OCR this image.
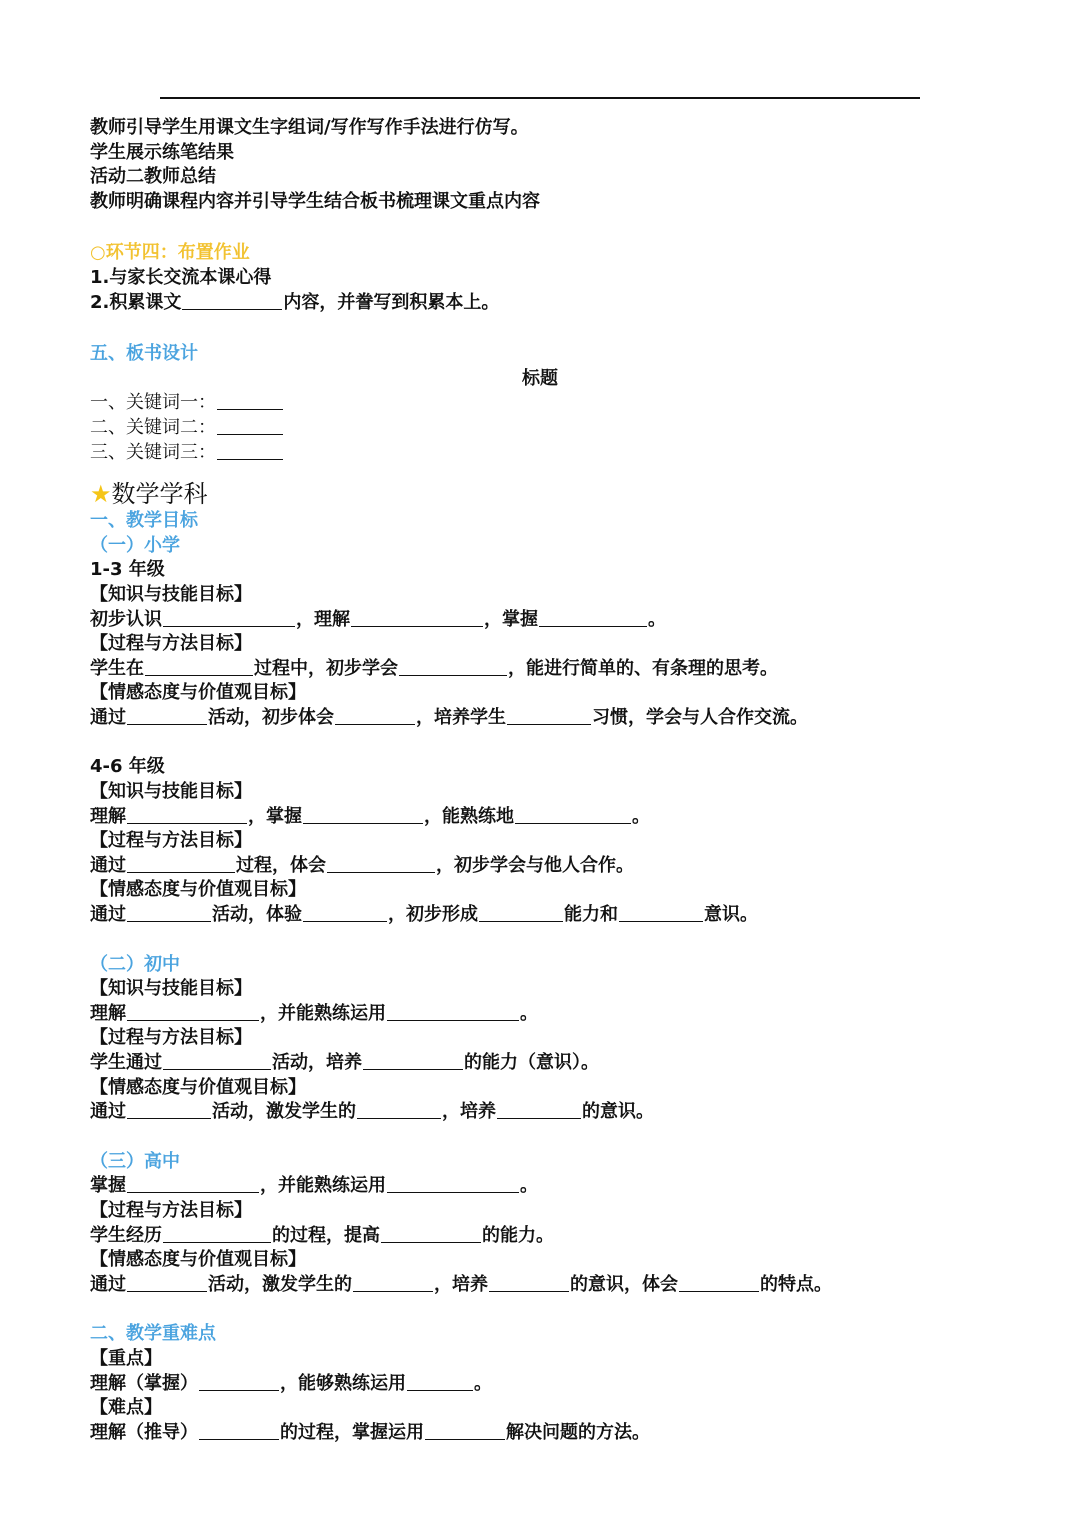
教师引导学生用课文生字组词/写作写作手法进行仿写。
学生展示练笔结果
活动二教师总结
教师明确课程内容并引导学生结合板书梳理课文重点内容
○环节四：布置作业
1.与家长交流本课心得
2.积累课文	内容，并誊写到积累本上。
五、板书设计
标题
一、关键词一：
二、关键词二：
三、关键词三：
★数学学科
一、教学目标
（一）小学
1-3 年级
【知识与技能目标】
初步认识	，理解	，掌握	。
【过程与方法目标】
学生在	过程中，初步学会	，能进行简单的、有条理的思考。
【情感态度与价值观目标】
通过	活动，初步体会	，培养学生	习惯，学会与人合作交流。
4-6 年级
【知识与技能目标】
理解	，掌握	，能熟练地	。
【过程与方法目标】
通过	过程，体会	，初步学会与他人合作。
【情感态度与价值观目标】
通过	活动，体验	，初步形成	能力和	意识。
（二）初中
【知识与技能目标】
理解	，并能熟练运用	。
【过程与方法目标】
学生通过	活动，培养	的能力（意识）。
【情感态度与价值观目标】
通过	活动，激发学生的	，培养	的意识。
（三）高中
掌握	，并能熟练运用	。
【过程与方法目标】
学生经历	的过程，提高	的能力。
【情感态度与价值观目标】
通过	活动，激发学生的	，培养	的意识，体会	的特点。
二、教学重难点
【重点】
理解（掌握）	，能够熟练运用	。
【难点】
理解（推导）	的过程，掌握运用	解决问题的方法。
